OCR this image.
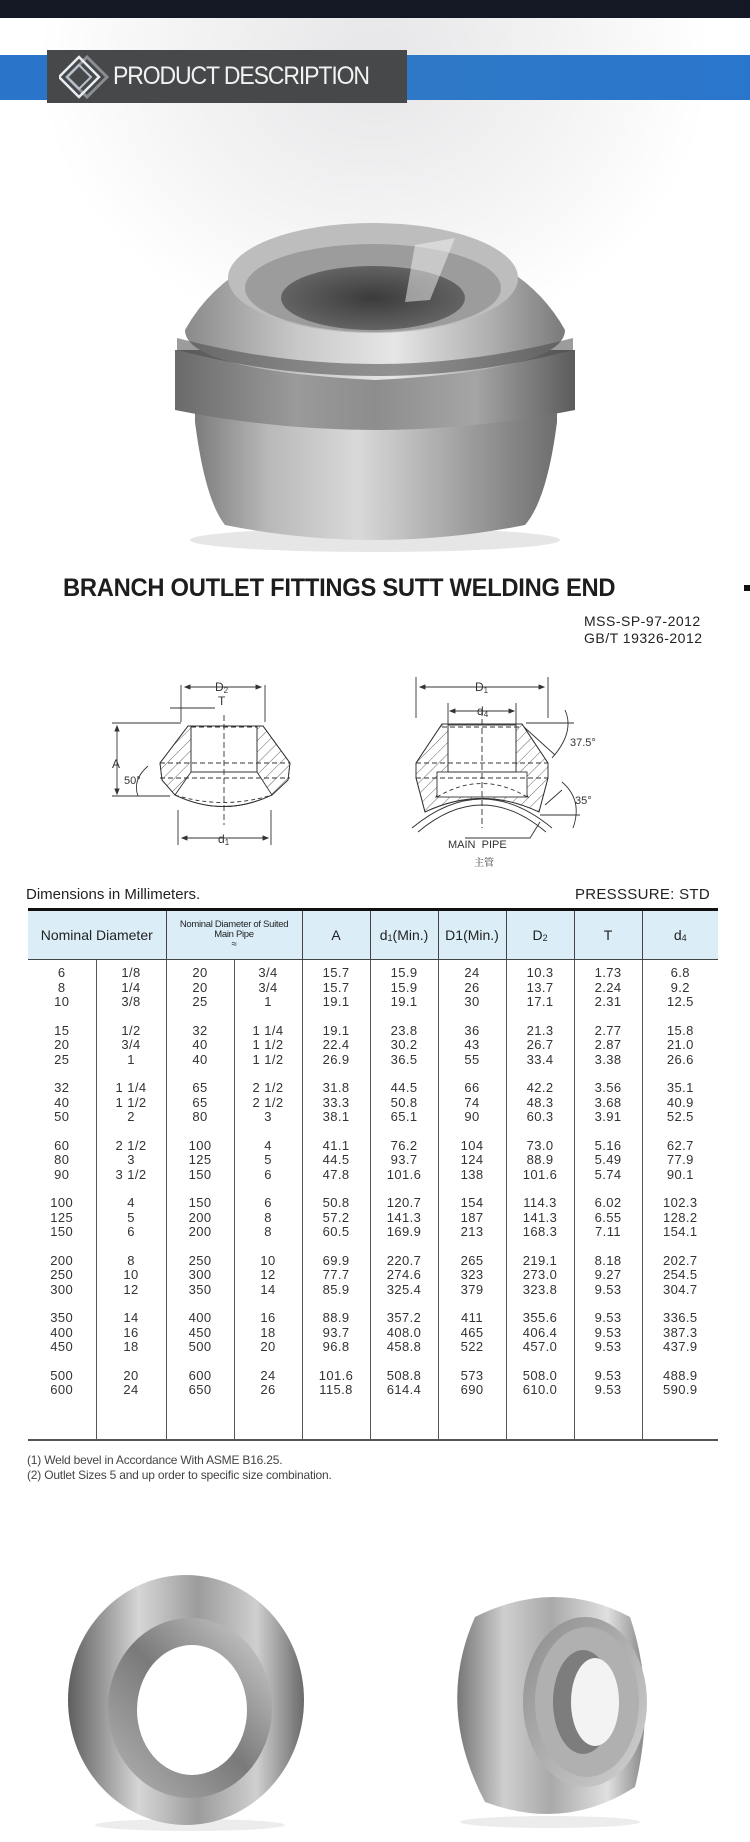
PRODUCT DESCRIPTION
BRANCH OUTLET FITTINGS SUTT WELDING END
MSS-SP-97-2012
GB/T 19326-2012
D2
T
A
50°
d1
D1
d4
37.5°
35°
MAIN  PIPE
主管
Dimensions in Millimeters.	PRESSSURE: STD
Nominal Diameter		Nominal Diameter of Suited
Main Pipe
≈		A	$d_1(Min.)$	D1(Min.)	$D_2$	T	$d_4$
6	1/8	20	3/4	15.7	15.9	24	10.3	1.73	6.8
8	1/4	20	3/4	15.7	15.9	26	13.7	2.24	9.2
10	3/8	25	1	19.1	19.1	30	17.1	2.31	12.5

15	1/2	32	1 1/4	19.1	23.8	36	21.3	2.77	15.8
20	3/4	40	1 1/2	22.4	30.2	43	26.7	2.87	21.0
25	1	40	1 1/2	26.9	36.5	55	33.4	3.38	26.6

32	1 1/4	65	2 1/2	31.8	44.5	66	42.2	3.56	35.1
40	1 1/2	65	2 1/2	33.3	50.8	74	48.3	3.68	40.9
50	2	80	3	38.1	65.1	90	60.3	3.91	52.5

60	2 1/2	100	4	41.1	76.2	104	73.0	5.16	62.7
80	3	125	5	44.5	93.7	124	88.9	5.49	77.9
90	3 1/2	150	6	47.8	101.6	138	101.6	5.74	90.1

100	4	150	6	50.8	120.7	154	114.3	6.02	102.3
125	5	200	8	57.2	141.3	187	141.3	6.55	128.2
150	6	200	8	60.5	169.9	213	168.3	7.11	154.1

200	8	250	10	69.9	220.7	265	219.1	8.18	202.7
250	10	300	12	77.7	274.6	323	273.0	9.27	254.5
300	12	350	14	85.9	325.4	379	323.8	9.53	304.7

350	14	400	16	88.9	357.2	411	355.6	9.53	336.5
400	16	450	18	93.7	408.0	465	406.4	9.53	387.3
450	18	500	20	96.8	458.8	522	457.0	9.53	437.9

500	20	600	24	101.6	508.8	573	508.0	9.53	488.9
600	24	650	26	115.8	614.4	690	610.0	9.53	590.9

(1) Weld bevel in Accordance With ASME B16.25.
(2) Outlet Sizes 5 and up order to specific size combination.
